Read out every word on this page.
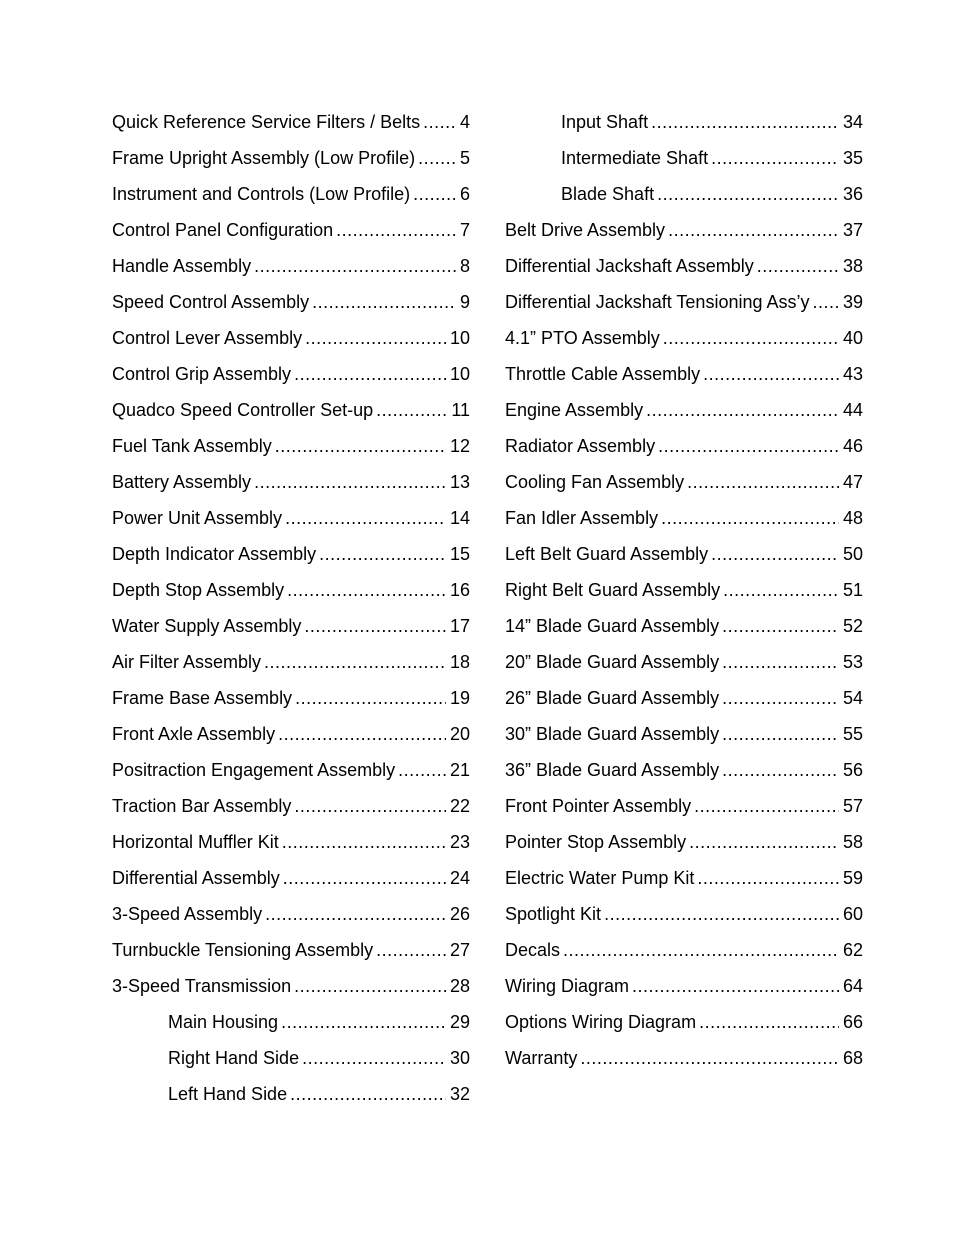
Quick Reference Service Filters / Belts ..... 4
Frame Upright Assembly (Low Profile) ..... 5
Instrument and Controls (Low Profile) .....	6
Control Panel Configuration .....	7
Handle Assembly .....	8
Speed Control Assembly .....	9
Control Lever Assembly .....	10
Control Grip Assembly .....	10
Quadco Speed Controller Set-up .....	11
Fuel Tank Assembly .....	12
Battery Assembly .....	13
Power Unit Assembly .....	14
Depth Indicator Assembly .....	15
Depth Stop Assembly .....	16
Water Supply Assembly .....	17
Air Filter Assembly .....	18
Frame Base Assembly .....	19
Front Axle Assembly .....	20
Positraction Engagement Assembly .....	21
Traction Bar Assembly .....	22
Horizontal Muffler Kit .....	23
Differential Assembly .....	24
3-Speed Assembly .....	26
Turnbuckle Tensioning Assembly .....	27
3-Speed Transmission .....	28
Main Housing .....	29
Right Hand Side .....	30
Left Hand Side .....	32
Input Shaft .....	34
Intermediate Shaft .....	35
Blade Shaft .....	36
Belt Drive Assembly .....	37
Differential Jackshaft Assembly .....	38
Differential Jackshaft Tensioning Ass’y ..... 39
4.1” PTO Assembly .....	40
Throttle Cable Assembly .....	43
Engine Assembly .....	44
Radiator Assembly .....	46
Cooling Fan Assembly .....	47
Fan Idler Assembly .....	48
Left Belt Guard Assembly .....	50
Right Belt Guard Assembly .....	51
14” Blade Guard Assembly .....	52
20” Blade Guard Assembly .....	53
26” Blade Guard Assembly .....	54
30” Blade Guard Assembly .....	55
36” Blade Guard Assembly .....	56
Front Pointer Assembly .....	57
Pointer Stop Assembly .....	58
Electric Water Pump Kit .....	59
Spotlight Kit .....	60
Decals .....	62
Wiring Diagram .....	64
Options Wiring Diagram .....	66
Warranty .....	68
